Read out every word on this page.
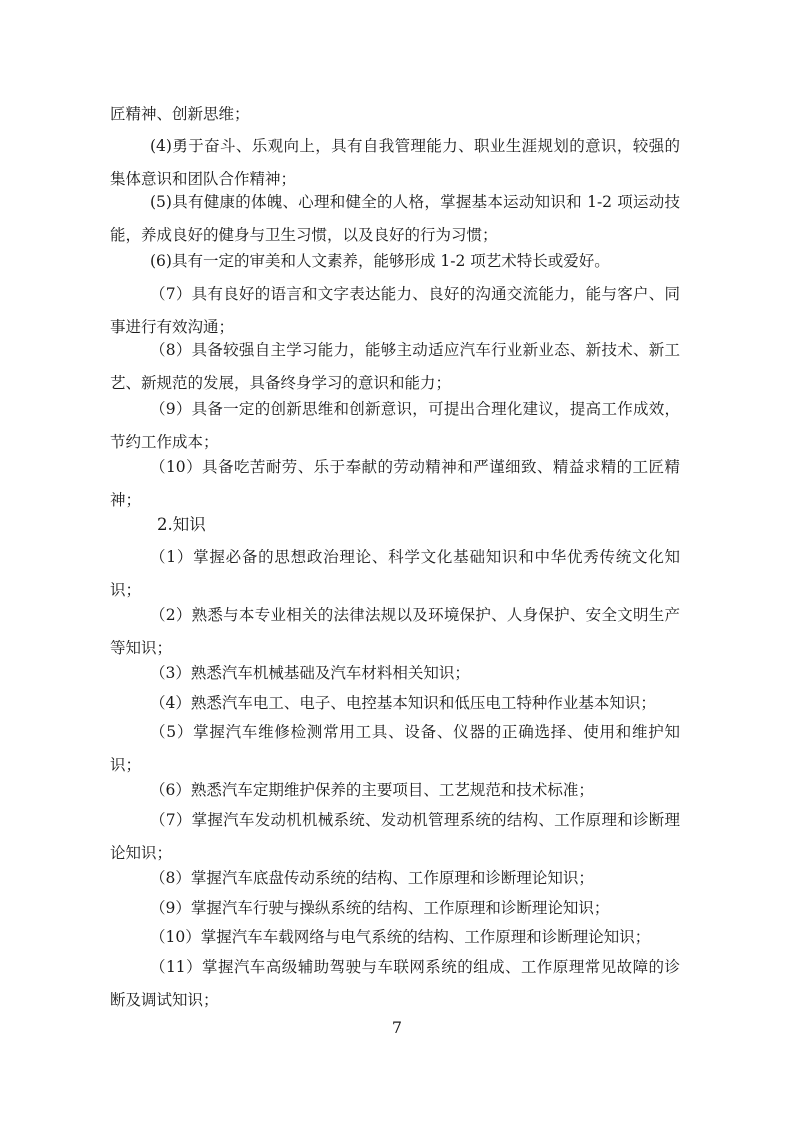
匠精神、创新思维；

(4)勇于奋斗、乐观向上，具有自我管理能力、职业生涯规划的意识，较强的集体意识和团队合作精神；

(5)具有健康的体魄、心理和健全的人格，掌握基本运动知识和 1-2 项运动技能，养成良好的健身与卫生习惯，以及良好的行为习惯；

(6)具有一定的审美和人文素养，能够形成 1-2 项艺术特长或爱好。

（7）具有良好的语言和文字表达能力、良好的沟通交流能力，能与客户、同事进行有效沟通；

（8）具备较强自主学习能力，能够主动适应汽车行业新业态、新技术、新工艺、新规范的发展，具备终身学习的意识和能力；

（9）具备一定的创新思维和创新意识，可提出合理化建议，提高工作成效，节约工作成本；

（10）具备吃苦耐劳、乐于奉献的劳动精神和严谨细致、精益求精的工匠精神；

2.知识

（1）掌握必备的思想政治理论、科学文化基础知识和中华优秀传统文化知识；

（2）熟悉与本专业相关的法律法规以及环境保护、人身保护、安全文明生产等知识；

（3）熟悉汽车机械基础及汽车材料相关知识；

（4）熟悉汽车电工、电子、电控基本知识和低压电工特种作业基本知识；

（5）掌握汽车维修检测常用工具、设备、仪器的正确选择、使用和维护知识；

（6）熟悉汽车定期维护保养的主要项目、工艺规范和技术标准；

（7）掌握汽车发动机机械系统、发动机管理系统的结构、工作原理和诊断理论知识；

（8）掌握汽车底盘传动系统的结构、工作原理和诊断理论知识；

（9）掌握汽车行驶与操纵系统的结构、工作原理和诊断理论知识；

（10）掌握汽车车载网络与电气系统的结构、工作原理和诊断理论知识；

（11）掌握汽车高级辅助驾驶与车联网系统的组成、工作原理常见故障的诊断及调试知识；

7
